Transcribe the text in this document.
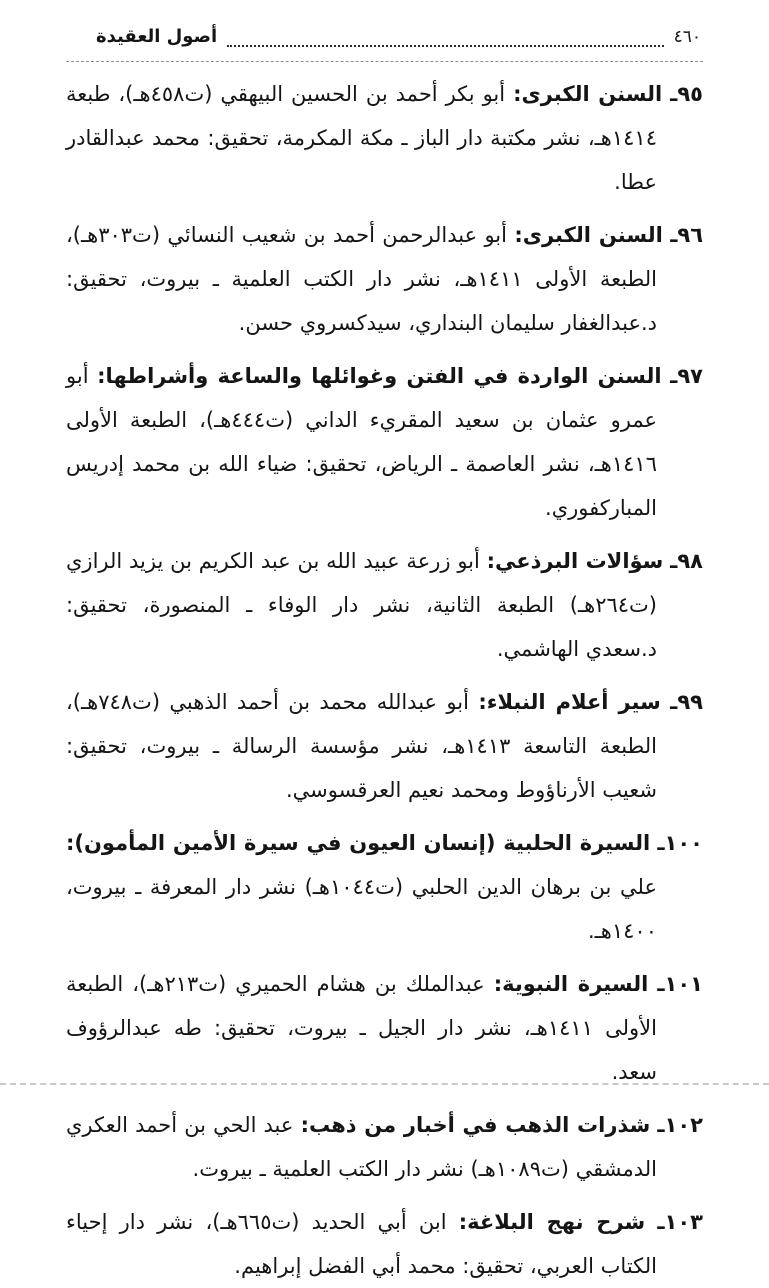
أصول العقيدة	٤٦٠

٩٥ـ السنن الكبرى: أبو بكر أحمد بن الحسين البيهقي (ت٤٥٨هـ)، طبعة ١٤١٤هـ، نشر مكتبة دار الباز ـ مكة المكرمة، تحقيق: محمد عبدالقادر عطا.

٩٦ـ السنن الكبرى: أبو عبدالرحمن أحمد بن شعيب النسائي (ت٣٠٣هـ)، الطبعة الأولى ١٤١١هـ، نشر دار الكتب العلمية ـ بيروت، تحقيق: د.عبدالغفار سليمان البنداري، سيدكسروي حسن.

٩٧ـ السنن الواردة في الفتن وغوائلها والساعة وأشراطها: أبو عمرو عثمان بن سعيد المقريء الداني (ت٤٤٤هـ)، الطبعة الأولى ١٤١٦هـ، نشر العاصمة ـ الرياض، تحقيق: ضياء الله بن محمد إدريس المباركفوري.

٩٨ـ سؤالات البرذعي: أبو زرعة عبيد الله بن عبد الكريم بن يزيد الرازي (ت٢٦٤هـ) الطبعة الثانية، نشر دار الوفاء ـ المنصورة، تحقيق: د.سعدي الهاشمي.

٩٩ـ سير أعلام النبلاء: أبو عبدالله محمد بن أحمد الذهبي (ت٧٤٨هـ)، الطبعة التاسعة ١٤١٣هـ، نشر مؤسسة الرسالة ـ بيروت، تحقيق: شعيب الأرناؤوط ومحمد نعيم العرقسوسي.

١٠٠ـ السيرة الحلبية (إنسان العيون في سيرة الأمين المأمون): علي بن برهان الدين الحلبي (ت١٠٤٤هـ) نشر دار المعرفة ـ بيروت، ١٤٠٠هـ.

١٠١ـ السيرة النبوية: عبدالملك بن هشام الحميري (ت٢١٣هـ)، الطبعة الأولى ١٤١١هـ، نشر دار الجيل ـ بيروت، تحقيق: طه عبدالرؤوف سعد.

١٠٢ـ شذرات الذهب في أخبار من ذهب: عبد الحي بن أحمد العكري الدمشقي (ت١٠٨٩هـ) نشر دار الكتب العلمية ـ بيروت.

١٠٣ـ شرح نهج البلاغة: ابن أبي الحديد (ت٦٦٥هـ)، نشر دار إحياء الكتاب العربي، تحقيق: محمد أبي الفضل إبراهيم.
